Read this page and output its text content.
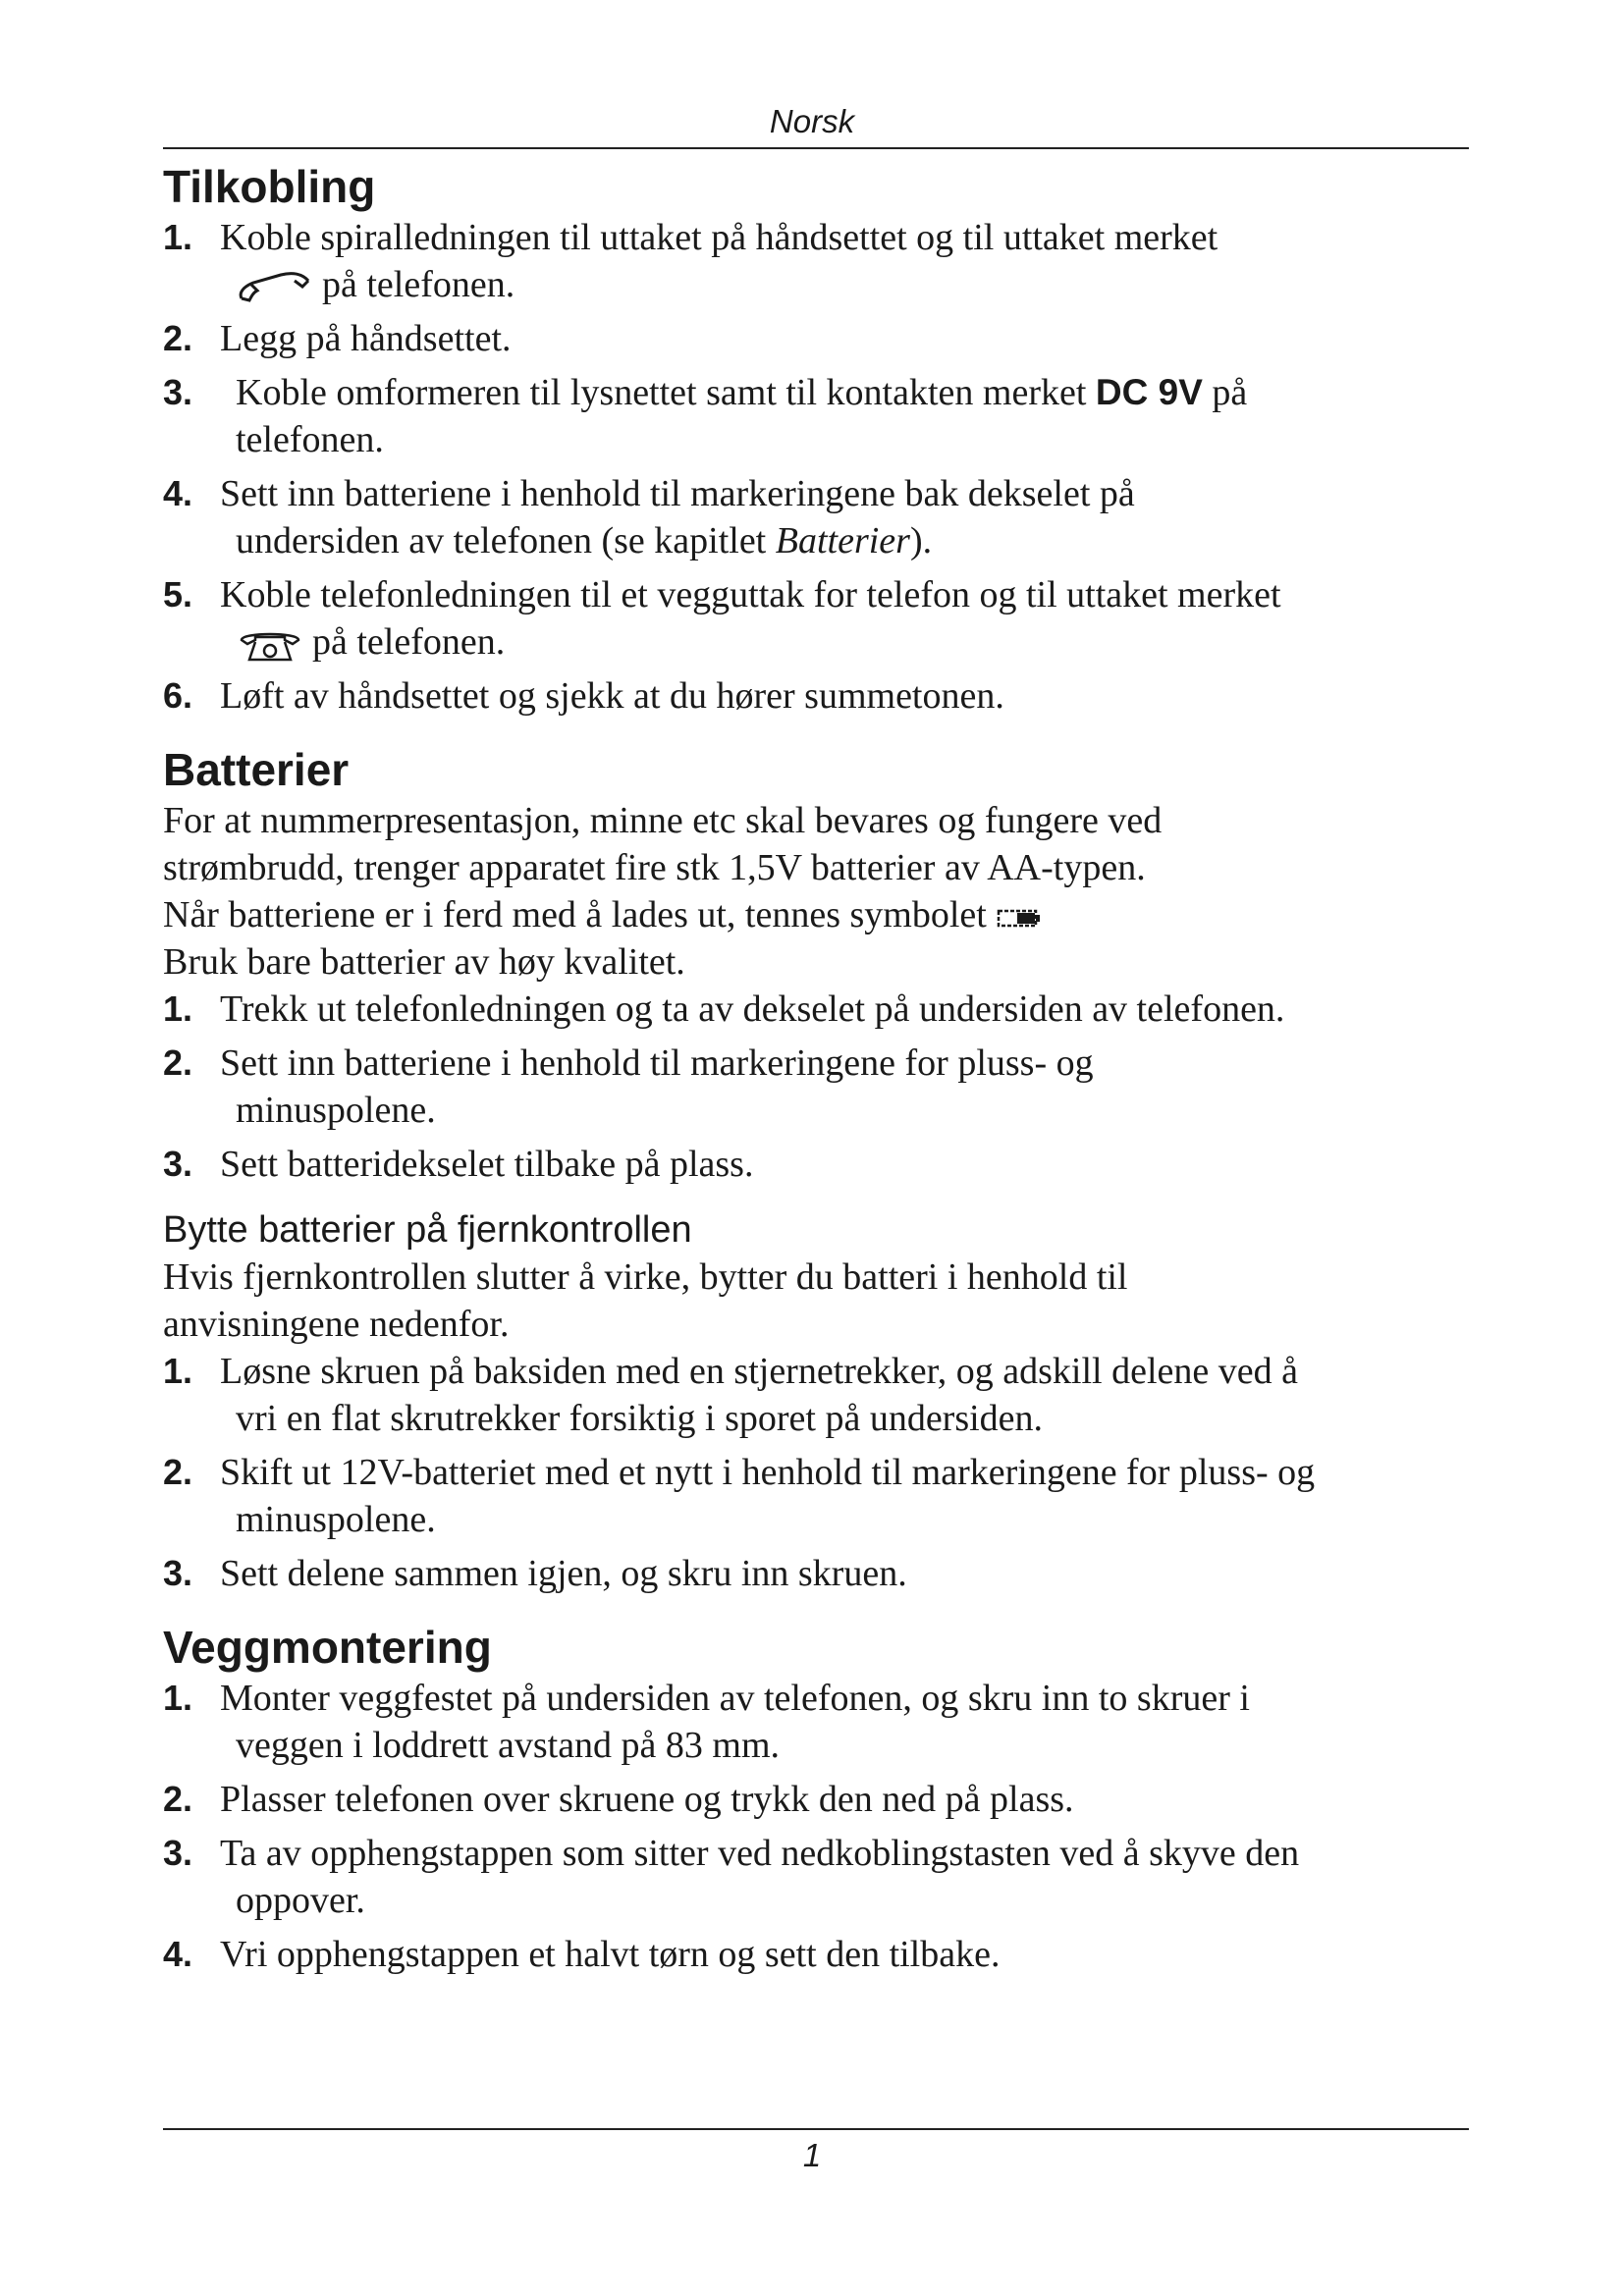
Norsk
Tilkobling
1. Koble spiralledningen til uttaket på håndsettet og til uttaket merket
på telefonen.
2. Legg på håndsettet.
3.	Koble omformeren til lysnettet samt til kontakten merket DC 9V på
telefonen.
4. Sett inn batteriene i henhold til markeringene bak dekselet på
undersiden av telefonen (se kapitlet Batterier).
5. Koble telefonledningen til et vegguttak for telefon og til uttaket merket
på telefonen.
6. Løft av håndsettet og sjekk at du hører summetonen.
Batterier

For at nummerpresentasjon, minne etc skal bevares og fungere ved

strømbrudd, trenger apparatet fire stk 1,5V batterier av AA-typen.

Når batteriene er i ferd med å lades ut, tennes symbolet

Bruk bare batterier av høy kvalitet.

1. Trekk ut telefonledningen og ta av dekselet på undersiden av telefonen.
2. Sett inn batteriene i henhold til markeringene for pluss- og
minuspolene.
3. Sett batteridekselet tilbake på plass.
Bytte batterier på fjernkontrollen

Hvis fjernkontrollen slutter å virke, bytter du batteri i henhold til

anvisningene nedenfor.

1. Løsne skruen på baksiden med en stjernetrekker, og adskill delene ved å
vri en flat skrutrekker forsiktig i sporet på undersiden.
2. Skift ut 12V-batteriet med et nytt i henhold til markeringene for pluss- og
minuspolene.
3. Sett delene sammen igjen, og skru inn skruen.
Veggmontering
1. Monter veggfestet på undersiden av telefonen, og skru inn to skruer i
veggen i loddrett avstand på 83 mm.
2. Plasser telefonen over skruene og trykk den ned på plass.
3. Ta av opphengstappen som sitter ved nedkoblingstasten ved å skyve den
oppover.
4. Vri opphengstappen et halvt tørn og sett den tilbake.
1
